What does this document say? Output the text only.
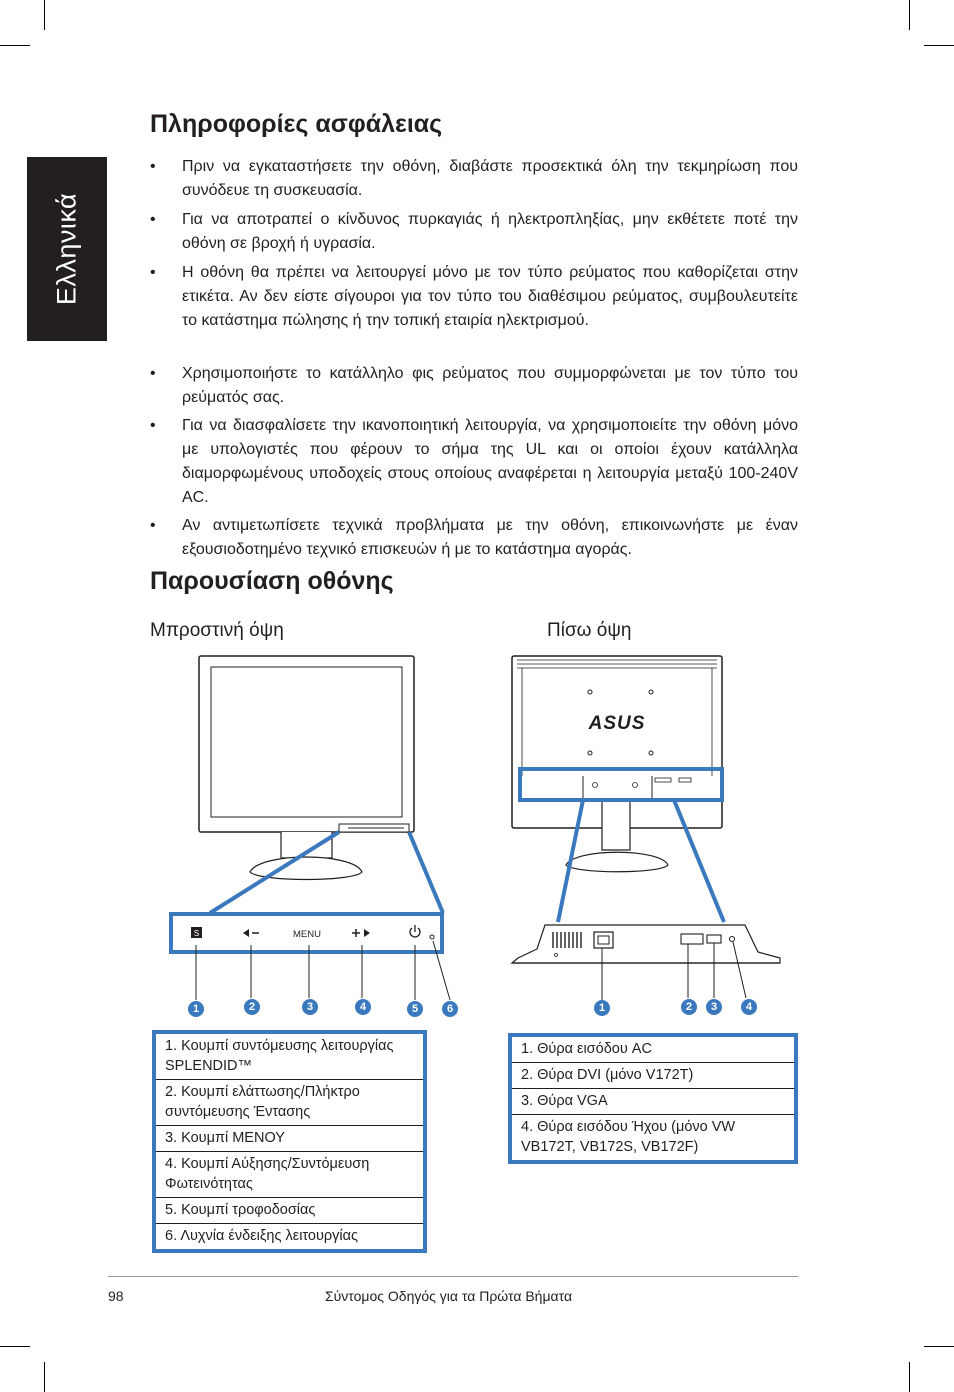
Ελληνικά
Πληροφορίες ασφάλειας
• Πριν να εγκαταστήσετε την οθόνη, διαβάστε προσεκτικά όλη την τεκμηρίωση που συνόδευε τη συσκευασία.
• Για να αποτραπεί ο κίνδυνος πυρκαγιάς ή ηλεκτροπληξίας, μην εκθέτετε ποτέ την οθόνη σε βροχή ή υγρασία.
• Η οθόνη θα πρέπει να λειτουργεί μόνο με τον τύπο ρεύματος που καθορίζεται στην ετικέτα. Αν δεν είστε σίγουροι για τον τύπο του διαθέσιμου ρεύματος, συμβουλευτείτε το κατάστημα πώλησης ή την τοπική εταιρία ηλεκτρισμού.
• Χρησιμοποιήστε το κατάλληλο φις ρεύματος που συμμορφώνεται με τον τύπο του ρεύματός σας.
• Για να διασφαλίσετε την ικανοποιητική λειτουργία, να χρησιμοποιείτε την οθόνη μόνο με υπολογιστές που φέρουν το σήμα της UL και οι οποίοι έχουν κατάλληλα διαμορφωμένους υποδοχείς στους οποίους αναφέρεται η λειτουργία μεταξύ 100-240V AC.
• Αν αντιμετωπίσετε τεχνικά προβλήματα με την οθόνη, επικοινωνήστε με έναν εξουσιοδοτημένο τεχνικό επισκευών ή με το κατάστημα αγοράς.
Παρουσίαση οθόνης
Μπροστινή όψη	Πίσω όψη
S	MENU
ASUS
1	2	3	4	5	6	1	2	3	4
1. Κουμπί συντόμευσης λειτουργίας SPLENDID™
2. Κουμπί ελάττωσης/Πλήκτρο συντόμευσης Έντασης
3. Κουμπί ΜΕΝΟΥ
4. Κουμπί Αύξησης/Συντόμευση Φωτεινότητας
5. Κουμπί τροφοδοσίας
6. Λυχνία ένδειξης λειτουργίας
1. Θύρα εισόδου AC
2. Θύρα DVI (μόνο V172T)
3. Θύρα VGA
4. Θύρα εισόδου Ήχου (μόνο VW VB172T, VB172S, VB172F)
98	Σύντομος Οδηγός για τα Πρώτα Βήματα
